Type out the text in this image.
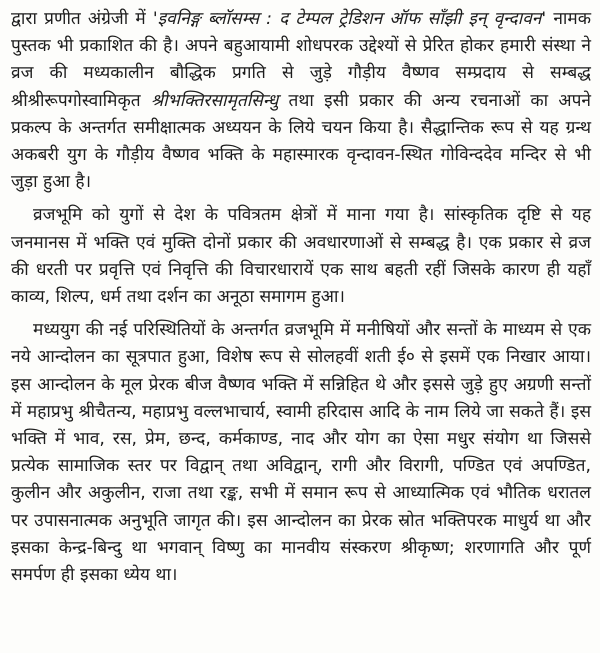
द्वारा प्रणीत अंग्रेजी में 'इवनिङ्ग ब्लॉसम्स : द टेम्पल ट्रेडिशन ऑफ साँझी इन् वृन्दावन' नामक पुस्तक भी प्रकाशित की है। अपने बहुआयामी शोधपरक उद्देश्यों से प्रेरित होकर हमारी संस्था ने व्रज की मध्यकालीन बौद्धिक प्रगति से जुड़े गौड़ीय वैष्णव सम्प्रदाय से सम्बद्ध श्रीश्रीरूपगोस्वामिकृत श्रीभक्तिरसामृतसिन्धु तथा इसी प्रकार की अन्य रचनाओं का अपने प्रकल्प के अन्तर्गत समीक्षात्मक अध्ययन के लिये चयन किया है। सैद्धान्तिक रूप से यह ग्रन्थ अकबरी युग के गौड़ीय वैष्णव भक्ति के महास्मारक वृन्दावन-स्थित गोविन्ददेव मन्दिर से भी जुड़ा हुआ है।

व्रजभूमि को युगों से देश के पवित्रतम क्षेत्रों में माना गया है। सांस्कृतिक दृष्टि से यह जनमानस में भक्ति एवं मुक्ति दोनों प्रकार की अवधारणाओं से सम्बद्ध है। एक प्रकार से व्रज की धरती पर प्रवृत्ति एवं निवृत्ति की विचारधारायें एक साथ बहती रहीं जिसके कारण ही यहाँ काव्य, शिल्प, धर्म तथा दर्शन का अनूठा समागम हुआ।

मध्ययुग की नई परिस्थितियों के अन्तर्गत व्रजभूमि में मनीषियों और सन्तों के माध्यम से एक नये आन्दोलन का सूत्रपात हुआ, विशेष रूप से सोलहवीं शती ई० से इसमें एक निखार आया। इस आन्दोलन के मूल प्रेरक बीज वैष्णव भक्ति में सन्निहित थे और इससे जुड़े हुए अग्रणी सन्तों में महाप्रभु श्रीचैतन्य, महाप्रभु वल्लभाचार्य, स्वामी हरिदास आदि के नाम लिये जा सकते हैं। इस भक्ति में भाव, रस, प्रेम, छन्द, कर्मकाण्ड, नाद और योग का ऐसा मधुर संयोग था जिससे प्रत्येक सामाजिक स्तर पर विद्वान् तथा अविद्वान्, रागी और विरागी, पण्डित एवं अपण्डित, कुलीन और अकुलीन, राजा तथा रङ्क, सभी में समान रूप से आध्यात्मिक एवं भौतिक धरातल पर उपासनात्मक अनुभूति जागृत की। इस आन्दोलन का प्रेरक स्रोत भक्तिपरक माधुर्य था और इसका केन्द्र-बिन्दु था भगवान् विष्णु का मानवीय संस्करण श्रीकृष्ण; शरणागति और पूर्ण समर्पण ही इसका ध्येय था।
